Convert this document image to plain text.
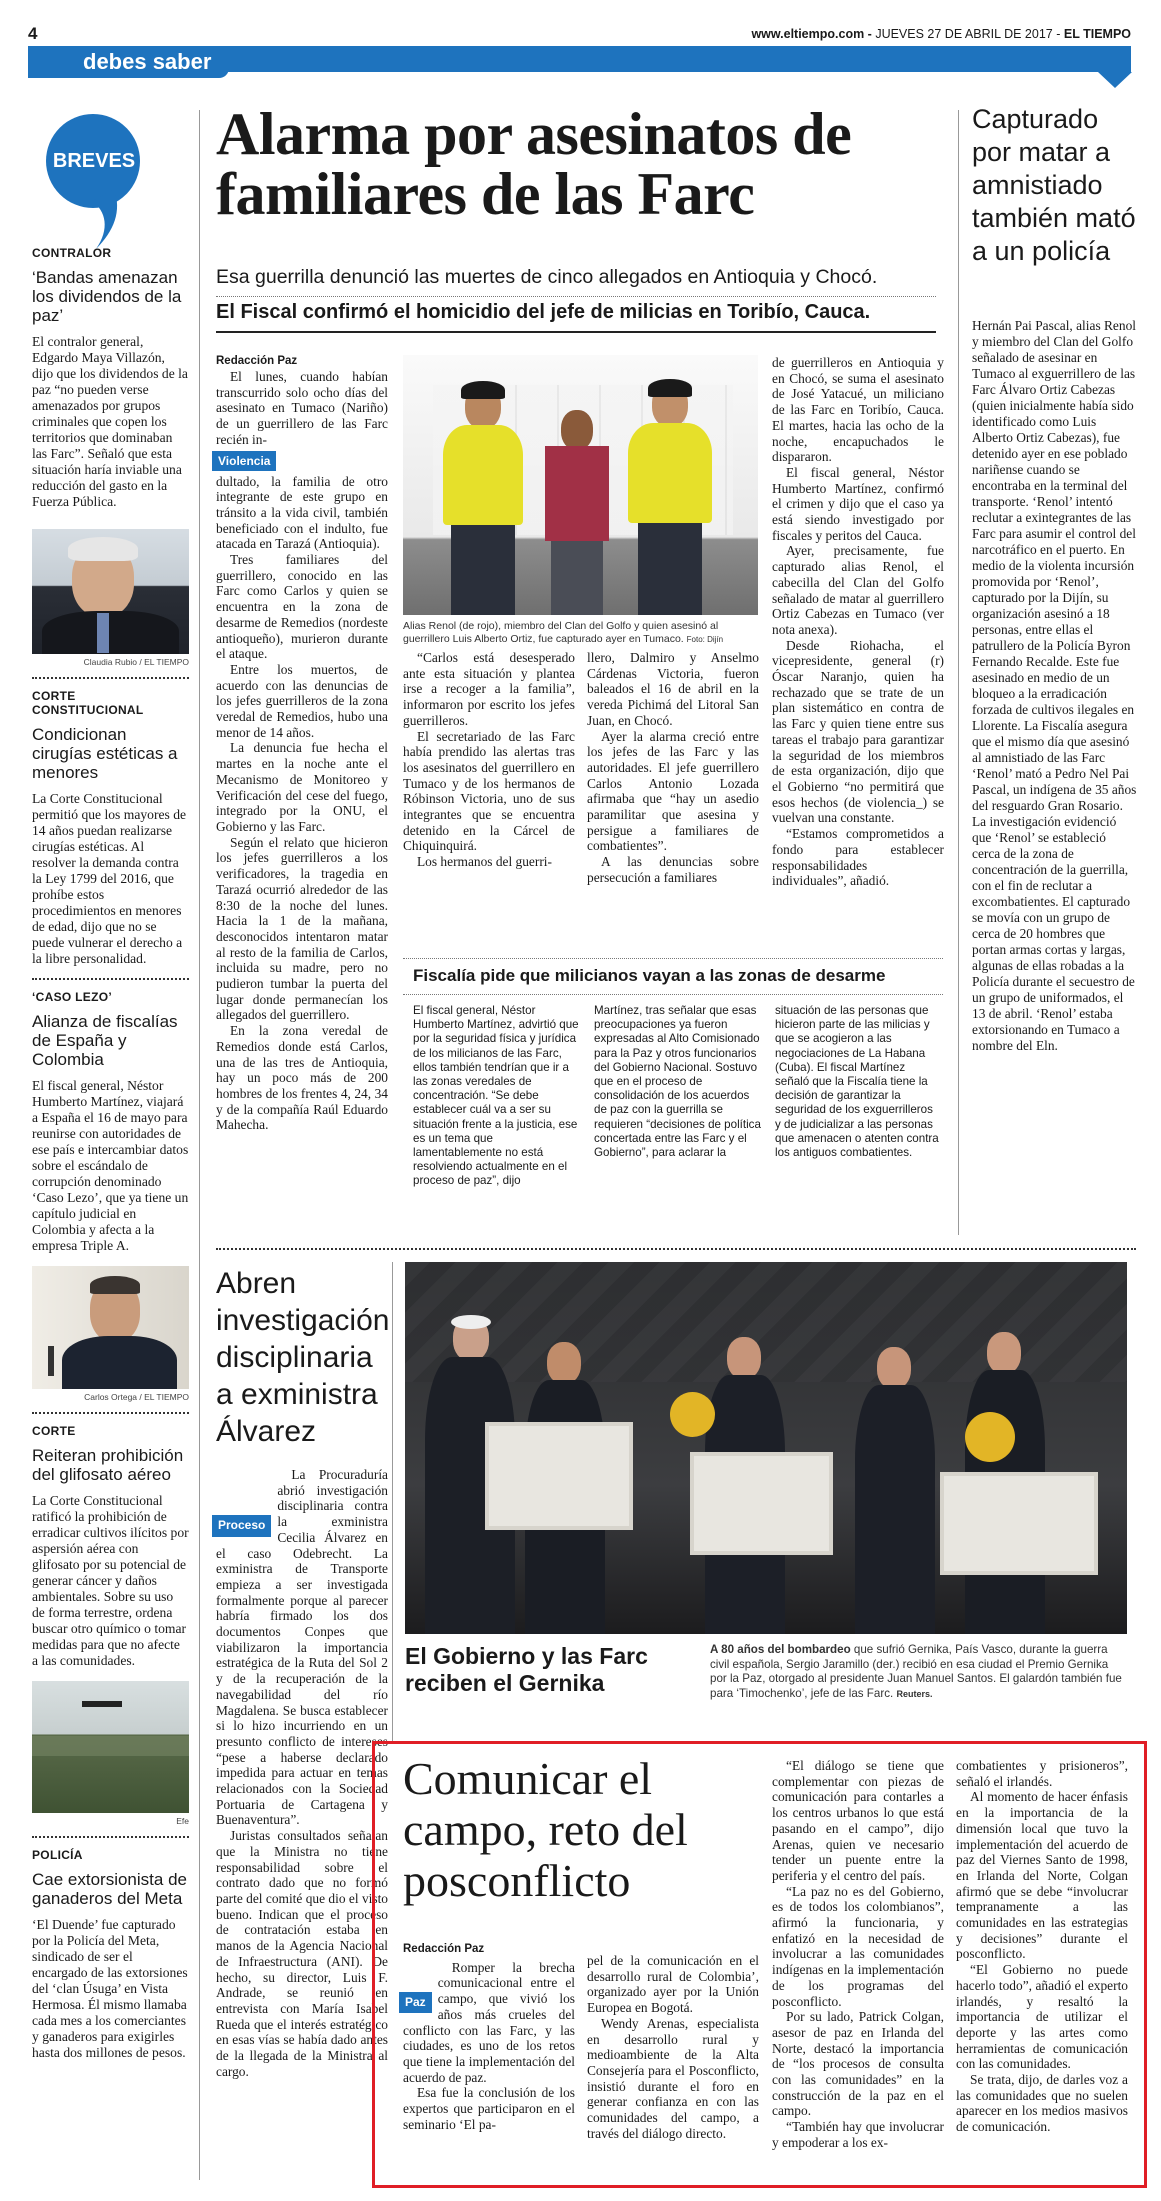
4	www.eltiempo.com - JUEVES 27 DE ABRIL DE 2017 - EL TIEMPO
debes saber
BREVES
CONTRALOR
‘Bandas amenazan los dividendos de la paz’
El contralor general, Edgardo Maya Villazón, dijo que los dividendos de la paz “no pueden verse amenazados por grupos criminales que copen los territorios que dominaban las Farc”. Señaló que esta situación haría inviable una reducción del gasto en la Fuerza Pública.
Claudia Rubio / EL TIEMPO
CORTE CONSTITUCIONAL
Condicionan cirugías estéticas a menores
La Corte Constitucional permitió que los mayores de 14 años puedan realizarse cirugías estéticas. Al resolver la demanda contra la Ley 1799 del 2016, que prohíbe estos procedimientos en menores de edad, dijo que no se puede vulnerar el derecho a la libre personalidad.
‘CASO LEZO’
Alianza de fiscalías de España y Colombia
El fiscal general, Néstor Humberto Martínez, viajará a España el 16 de mayo para reunirse con autoridades de ese país e intercambiar datos sobre el escándalo de corrupción denominado ‘Caso Lezo’, que ya tiene un capítulo judicial en Colombia y afecta a la empresa Triple A.
Carlos Ortega / EL TIEMPO
CORTE
Reiteran prohibición del glifosato aéreo
La Corte Constitucional ratificó la prohibición de erradicar cultivos ilícitos por aspersión aérea con glifosato por su potencial de generar cáncer y daños ambientales. Sobre su uso de forma terrestre, ordena buscar otro químico o tomar medidas para que no afecte a las comunidades.
Efe
POLICÍA
Cae extorsionista de ganaderos del Meta
‘El Duende’ fue capturado por la Policía del Meta, sindicado de ser el encargado de las extorsiones del ‘clan Úsuga’ en Vista Hermosa. Él mismo llamaba cada mes a los comerciantes y ganaderos para exigirles hasta dos millones de pesos.
Alarma por asesinatos de familiares de las Farc
Esa guerrilla denunció las muertes de cinco allegados en Antioquia y Chocó.
El Fiscal confirmó el homicidio del jefe de milicias en Toribío, Cauca.
Redacción Paz

El lunes, cuando habían transcurrido solo ocho días del asesinato en Tumaco (Nariño) de un guerrillero de las Farc recién in-

Violencia

dultado, la familia de otro integrante de este grupo en tránsito a la vida civil, también beneficiado con el indulto, fue atacada en Tarazá (Antioquia).

Tres familiares del guerrillero, conocido en las Farc como Carlos y quien se encuentra en la zona de desarme de Remedios (nordeste antioqueño), murieron durante el ataque.

Entre los muertos, de acuerdo con las denuncias de los jefes guerrilleros de la zona veredal de Remedios, hubo una menor de 14 años.

La denuncia fue hecha el martes en la noche ante el Mecanismo de Monitoreo y Verificación del cese del fuego, integrado por la ONU, el Gobierno y las Farc.

Según el relato que hicieron los jefes guerrilleros a los verificadores, la tragedia en Tarazá ocurrió alrededor de las 8:30 de la noche del lunes. Hacia la 1 de la mañana, desconocidos intentaron matar al resto de la familia de Carlos, incluida su madre, pero no pudieron tumbar la puerta del lugar donde permanecían los allegados del guerrillero.

En la zona veredal de Remedios donde está Carlos, una de las tres de Antioquia, hay un poco más de 200 hombres de los frentes 4, 24, 34 y de la compañía Raúl Eduardo Mahecha.

Alias Renol (de rojo), miembro del Clan del Golfo y quien asesinó al guerrillero Luis Alberto Ortiz, fue capturado ayer en Tumaco. Foto: Dijín

“Carlos está desesperado ante esta situación y plantea irse a recoger a la familia”, informaron por escrito los jefes guerrilleros.

El secretariado de las Farc había prendido las alertas tras los asesinatos del guerrillero en Tumaco y de los hermanos de Róbinson Victoria, uno de sus integrantes que se encuentra detenido en la Cárcel de Chiquinquirá.

Los hermanos del guerri-

llero, Dalmiro y Anselmo Cárdenas Victoria, fueron baleados el 16 de abril en la vereda Pichimá del Litoral San Juan, en Chocó.

Ayer la alarma creció entre los jefes de las Farc y las autoridades. El jefe guerrillero Carlos Antonio Lozada afirmaba que “hay un asedio paramilitar que asesina y persigue a familiares de combatientes”.

A las denuncias sobre persecución a familiares

de guerrilleros en Antioquia y en Chocó, se suma el asesinato de José Yatacué, un miliciano de las Farc en Toribío, Cauca. El martes, hacia las ocho de la noche, encapuchados le dispararon.

El fiscal general, Néstor Humberto Martínez, confirmó el crimen y dijo que el caso ya está siendo investigado por fiscales y peritos del Cauca.

Ayer, precisamente, fue capturado alias Renol, el cabecilla del Clan del Golfo señalado de matar al guerrillero Ortiz Cabezas en Tumaco (ver nota anexa).

Desde Riohacha, el vicepresidente, general (r) Óscar Naranjo, quien ha rechazado que se trate de un plan sistemático en contra de las Farc y quien tiene entre sus tareas el trabajo para garantizar la seguridad de los miembros de esta organización, dijo que el Gobierno “no permitirá que esos hechos (de violencia_) se vuelvan una constante.

“Estamos comprometidos a fondo para establecer responsabilidades individuales”, añadió.

Fiscalía pide que milicianos vayan a las zonas de desarme
El fiscal general, Néstor Humberto Martínez, advirtió que por la seguridad física y jurídica de los milicianos de las Farc, ellos también tendrían que ir a las zonas veredales de concentración. “Se debe establecer cuál va a ser su situación frente a la justicia, ese es un tema que lamentablemente no está resolviendo actualmente en el proceso de paz”, dijo
Martínez, tras señalar que esas preocupaciones ya fueron expresadas al Alto Comisionado para la Paz y otros funcionarios del Gobierno Nacional. Sostuvo que en el proceso de consolidación de los acuerdos de paz con la guerrilla se requieren “decisiones de política concertada entre las Farc y el Gobierno”, para aclarar la
situación de las personas que hicieron parte de las milicias y que se acogieron a las negociaciones de La Habana (Cuba). El fiscal Martínez señaló que la Fiscalía tiene la decisión de garantizar la seguridad de los exguerrilleros y de judicializar a las personas que amenacen o atenten contra los antiguos combatientes.
Capturado por matar a amnistiado también mató a un policía
Hernán Pai Pascal, alias Renol y miembro del Clan del Golfo señalado de asesinar en Tumaco al exguerrillero de las Farc Álvaro Ortiz Cabezas (quien inicialmente había sido identificado como Luis Alberto Ortiz Cabezas), fue detenido ayer en ese poblado nariñense cuando se encontraba en la terminal del transporte. ‘Renol’ intentó reclutar a exintegrantes de las Farc para asumir el control del narcotráfico en el puerto. En medio de la violenta incursión promovida por ‘Renol’, capturado por la Dijín, su organización asesinó a 18 personas, entre ellas el patrullero de la Policía Byron Fernando Recalde. Este fue asesinado en medio de un bloqueo a la erradicación forzada de cultivos ilegales en Llorente. La Fiscalía asegura que el mismo día que asesinó al amnistiado de las Farc ‘Renol’ mató a Pedro Nel Pai Pascal, un indígena de 35 años del resguardo Gran Rosario. La investigación evidenció que ‘Renol’ se estableció cerca de la zona de concentración de la guerrilla, con el fin de reclutar a excombatientes. El capturado se movía con un grupo de cerca de 20 hombres que portan armas cortas y largas, algunas de ellas robadas a la Policía durante el secuestro de un grupo de uniformados, el 13 de abril. ‘Renol’ estaba extorsionando en Tumaco a nombre del Eln.
Abren investigación disciplinaria a exministra Álvarez
Proceso

La Procuraduría abrió investigación disciplinaria contra la exministra Cecilia Álvarez en el caso Odebrecht. La exministra de Transporte empieza a ser investigada formalmente porque al parecer habría firmado los dos documentos Conpes que viabilizaron la importancia estratégica de la Ruta del Sol 2 y de la recuperación de la navegabilidad del río Magdalena. Se busca establecer si lo hizo incurriendo en un presunto conflicto de intereses “pese a haberse declarado impedida para actuar en temas relacionados con la Sociedad Portuaria de Cartagena y Buenaventura”.

Juristas consultados señalan que la Ministra no tiene responsabilidad sobre el contrato dado que no formó parte del comité que dio el visto bueno. Indican que el proceso de contratación estaba en manos de la Agencia Nacional de Infraestructura (ANI). De hecho, su director, Luis F. Andrade, se reunió en entrevista con María Isabel Rueda que el interés estratégico en esas vías se había dado antes de la llegada de la Ministra al cargo.

El Gobierno y las Farc reciben el Gernika
A 80 años del bombardeo que sufrió Gernika, País Vasco, durante la guerra civil española, Sergio Jaramillo (der.) recibió en esa ciudad el Premio Gernika por la Paz, otorgado al presidente Juan Manuel Santos. El galardón también fue para ‘Timochenko’, jefe de las Farc. Reuters.
Comunicar el campo, reto del posconflicto
Redacción Paz
Paz

Romper la brecha comunicacional entre el campo, que vivió los años más crueles del conflicto con las Farc, y las ciudades, es uno de los retos que tiene la implementación del acuerdo de paz.

Esa fue la conclusión de los expertos que participaron en el seminario ‘El pa-

pel de la comunicación en el desarrollo rural de Colombia’, organizado ayer por la Unión Europea en Bogotá.

Wendy Arenas, especialista en desarrollo rural y medioambiente de la Alta Consejería para el Posconflicto, insistió durante el foro en generar confianza en con las comunidades del campo, a través del diálogo directo.

“El diálogo se tiene que complementar con piezas de comunicación para contarles a los centros urbanos lo que está pasando en el campo”, dijo Arenas, quien ve necesario tender un puente entre la periferia y el centro del país.

“La paz no es del Gobierno, es de todos los colombianos”, afirmó la funcionaria, y enfatizó en la necesidad de involucrar a las comunidades indígenas en la implementación de los programas del posconflicto.

Por su lado, Patrick Colgan, asesor de paz en Irlanda del Norte, destacó la importancia de “los procesos de consulta con las comunidades” en la construcción de la paz en el campo.

“También hay que involucrar y empoderar a los ex-

combatientes y prisioneros”, señaló el irlandés.

Al momento de hacer énfasis en la importancia de la dimensión local que tuvo la implementación del acuerdo de paz del Viernes Santo de 1998, en Irlanda del Norte, Colgan afirmó que se debe “involucrar tempranamente a las comunidades en las estrategias y decisiones” durante el posconflicto.

“El Gobierno no puede hacerlo todo”, añadió el experto irlandés, y resaltó la importancia de utilizar el deporte y las artes como herramientas de comunicación con las comunidades.

Se trata, dijo, de darles voz a las comunidades que no suelen aparecer en los medios masivos de comunicación.
